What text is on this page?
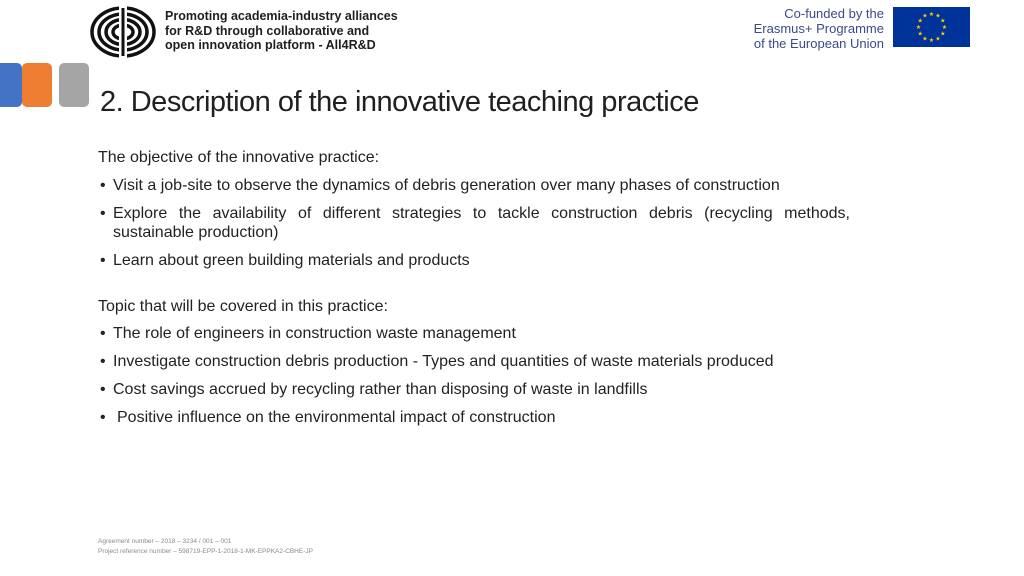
Promoting academia-industry alliances
for R&D through collaborative and
open innovation platform - All4R&D
Co-funded by the
Erasmus+ Programme
of the European Union
★ ★
★
★
★
★
★
★
★
★
★
★
2. Description of the innovative teaching practice
The objective of the innovative practice:
• Visit a job-site to observe the dynamics of debris generation over many phases of construction
• Explore the availability of different strategies to tackle construction debris (recycling methods, sustainable production)
• Learn about green building materials and products
Topic that will be covered in this practice:
• The role of engineers in construction waste management
• Investigate construction debris production - Types and quantities of waste materials produced
• Cost savings accrued by recycling rather than disposing of waste in landfills
• Positive influence on the environmental impact of construction
Agreement number – 2018 – 3234 / 001 – 001
Project reference number – 598719-EPP-1-2018-1-MK-EPPKA2-CBHE-JP
